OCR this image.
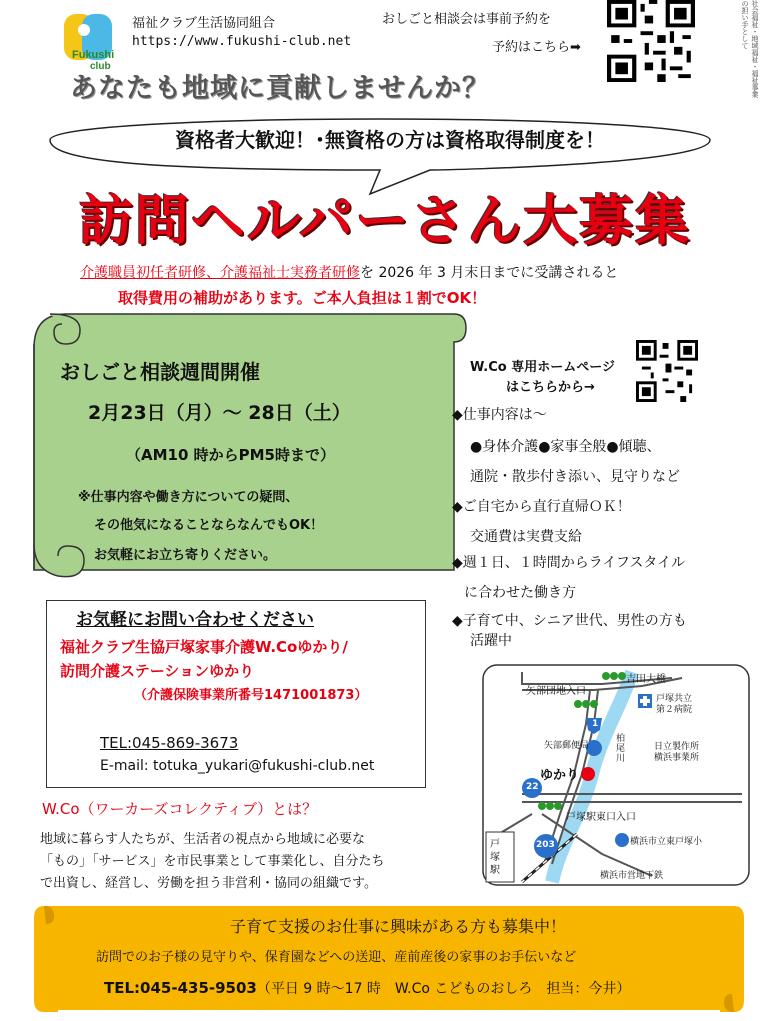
Fukushi
club
福祉クラブ生活協同組合
https://www.fukushi-club.net
おしごと相談会は事前予約を
予約はこちら➡	社会福祉・地域福祉・福祉事業の担い手として
あなたも地域に貢献しませんか？
資格者大歓迎！･無資格の方は資格取得制度を！
訪問ヘルパーさん大募集
介護職員初任者研修、介護福祉士実務者研修を 2026 年 3 月末日までに受講されると
取得費用の補助があります。ご本人負担は１割でOK！
おしごと相談週間開催
2月23日（月）～ 28日（土）
（AM10 時からPM5時まで）
※仕事内容や働き方についての疑問、
その他気になることならなんでもOK！
お気軽にお立ち寄りください。
W.Co 専用ホームページ
はこちらから→
◆仕事内容は～
●身体介護●家事全般●傾聴、
通院・散歩付き添い、見守りなど
◆ご自宅から直行直帰ＯＫ！
交通費は実費支給
◆週１日、１時間からライフスタイル
に合わせた働き方
◆子育て中、シニア世代、男性の方も
活躍中
お気軽にお問い合わせください
福祉クラブ生協戸塚家事介護W.Coゆかり/
訪問介護ステーションゆかり
（介護保険事業所番号1471001873）
TEL:045-869-3673
E-mail: totuka_yukari@fukushi-club.net
矢部団地入口
吉田大橋
戸塚共立
第２病院
1
柏尾川
矢部郵便局	日立製作所
横浜事業所
ゆかり
22
戸塚駅東口入口
横浜市立東戸塚小
203
戸塚駅	横浜市営地下鉄
W.Co（ワーカーズコレクティブ）とは？
地域に暮らす人たちが、生活者の視点から地域に必要な
「もの」「サービス」を市民事業として事業化し、自分たち
で出資し、経営し、労働を担う非営利・協同の組織です。
子育て支援のお仕事に興味がある方も募集中！
訪問でのお子様の見守りや、保育園などへの送迎、産前産後の家事のお手伝いなど
TEL:045-435-9503（平日 9 時～17 時　W.Co こどものおしろ　担当：今井）
